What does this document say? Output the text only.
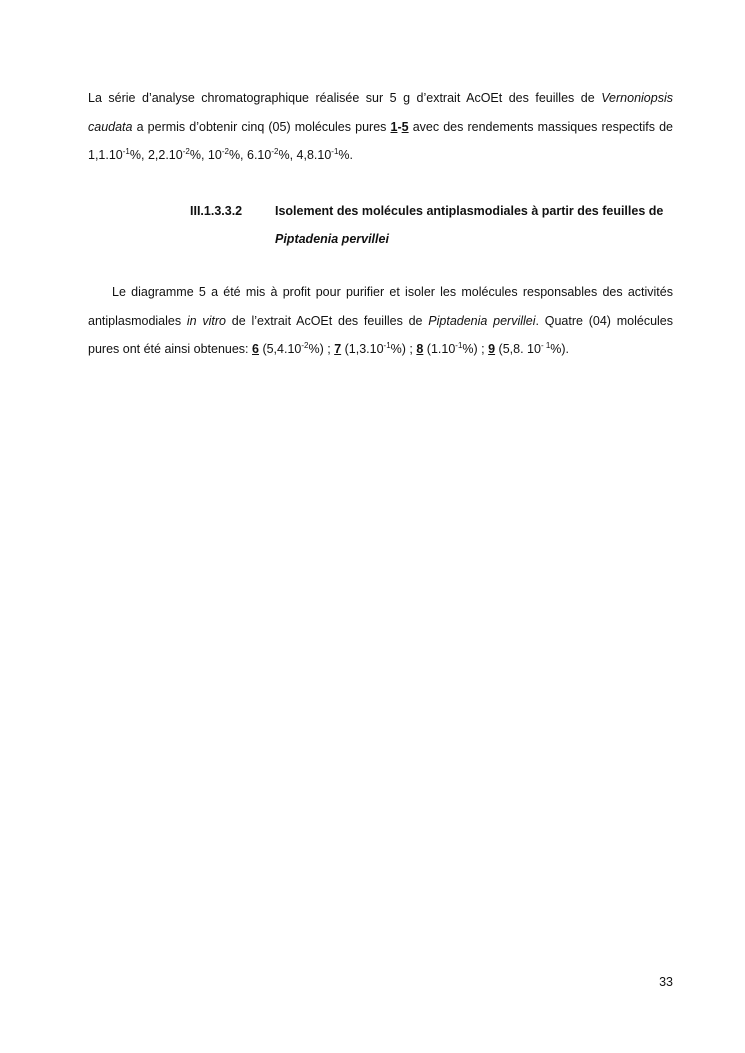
La série d’analyse chromatographique réalisée sur 5 g d’extrait AcOEt des feuilles de Vernoniopsis caudata a permis d’obtenir cinq (05) molécules pures 1-5 avec des rendements massiques respectifs de $1,1.10^{-1}\%$, $2,2.10^{-2}\%$, $10^{-2}\%$, $6.10^{-2}\%$, $4,8.10^{-1}\%$.

III.1.3.3.2	Isolement des molécules antiplasmodiales à partir des feuilles de Piptadenia pervillei

Le diagramme 5 a été mis à profit pour purifier et isoler les molécules responsables des activités antiplasmodiales in vitro de l’extrait AcOEt des feuilles de Piptadenia pervillei. Quatre (04) molécules pures ont été ainsi obtenues: 6 $(5,4.10^{-2}\%)$ ; 7 $(1,3.10^{-1}\%)$ ; 8 $(1.10^{-1}\%)$ ; 9 (5,8. $10^{- 1}\%$).

33
